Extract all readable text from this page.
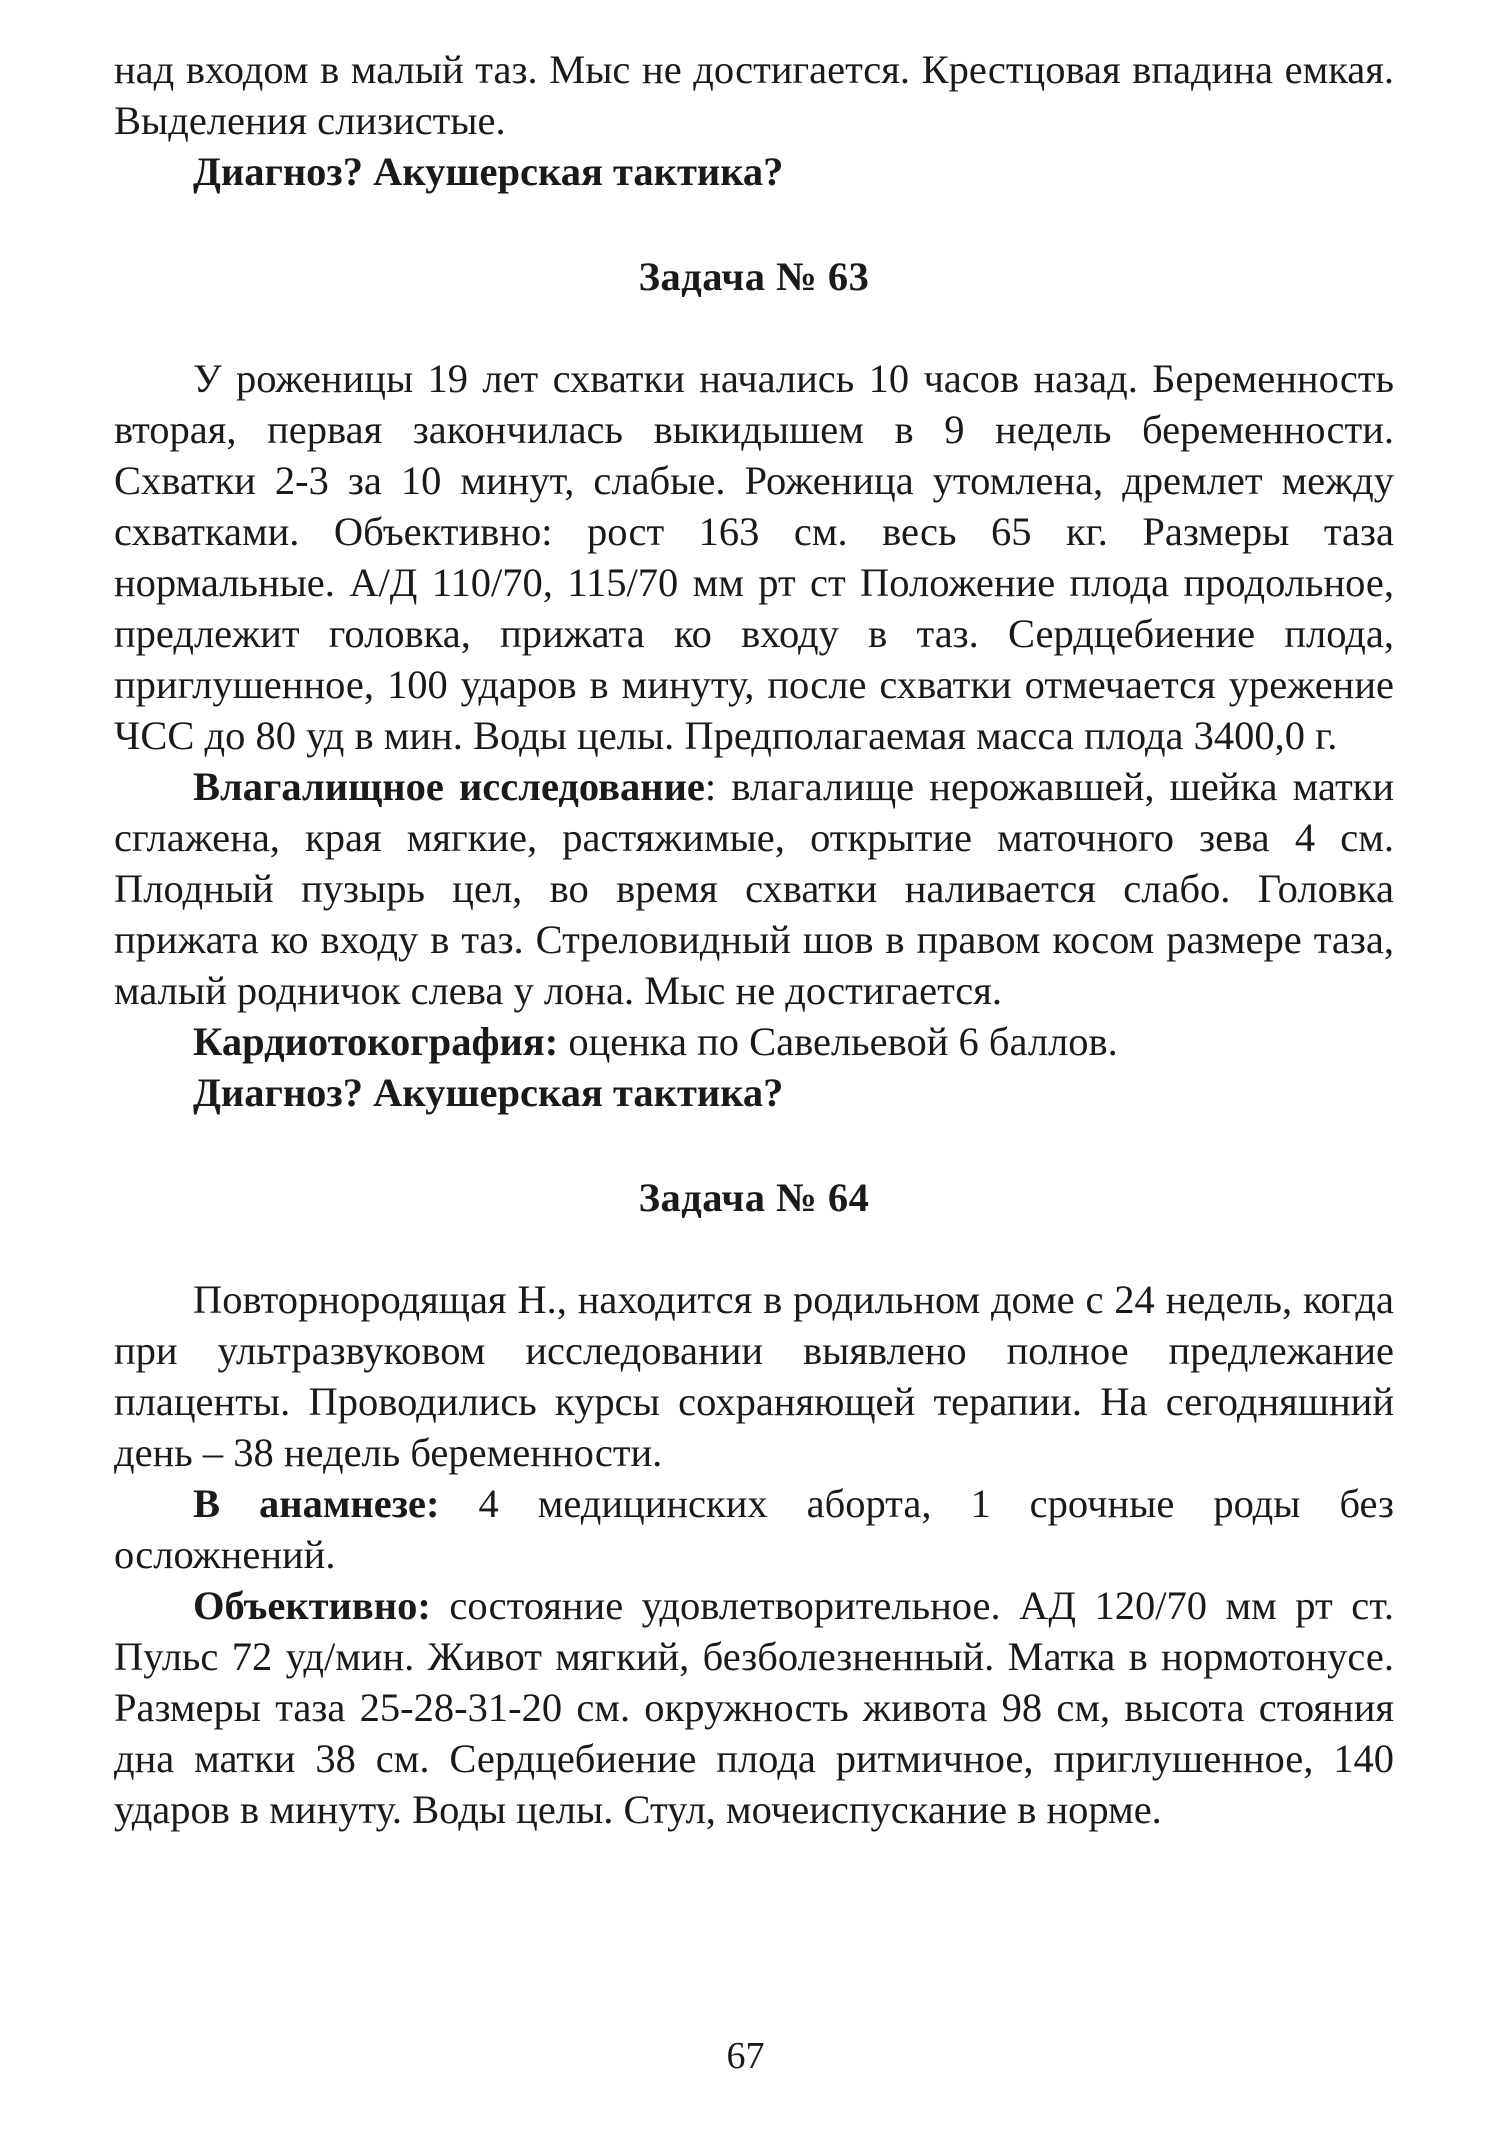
над входом в малый таз. Мыс не достигается. Крестцовая впадина емкая. Выделения слизистые.

Диагноз? Акушерская тактика?

Задача № 63

У роженицы 19 лет схватки начались 10 часов назад. Беременность вторая, первая закончилась выкидышем в 9 недель беременности. Схватки 2-3 за 10 минут, слабые. Роженица утомлена, дремлет между схватками. Объективно: рост 163 см. весь 65 кг. Размеры таза нормальные. А/Д 110/70, 115/70 мм рт ст Положение плода продольное, предлежит головка, прижата ко входу в таз. Сердцебиение плода, приглушенное, 100 ударов в минуту, после схватки отмечается урежение ЧСС до 80 уд в мин. Воды целы. Предполагаемая масса плода 3400,0 г.

Влагалищное исследование: влагалище нерожавшей, шейка матки сглажена, края мягкие, растяжимые, открытие маточного зева 4 см. Плодный пузырь цел, во время схватки наливается слабо. Головка прижата ко входу в таз. Стреловидный шов в правом косом размере таза, малый родничок слева у лона. Мыс не достигается.

Кардиотокография: оценка по Савельевой 6 баллов.

Диагноз? Акушерская тактика?

Задача № 64

Повторнородящая Н., находится в родильном доме с 24 недель, когда при ультразвуковом исследовании выявлено полное предлежание плаценты. Проводились курсы сохраняющей терапии. На сегодняшний день – 38 недель беременности.

В анамнезе: 4 медицинских аборта, 1 срочные роды без осложнений.

Объективно: состояние удовлетворительное. АД 120/70 мм рт ст. Пульс 72 уд/мин. Живот мягкий, безболезненный. Матка в нормотонусе. Размеры таза 25-28-31-20 см. окружность живота 98 см, высота стояния дна матки 38 см. Сердцебиение плода ритмичное, приглушенное, 140 ударов в минуту. Воды целы. Стул, мочеиспускание в норме.

67
